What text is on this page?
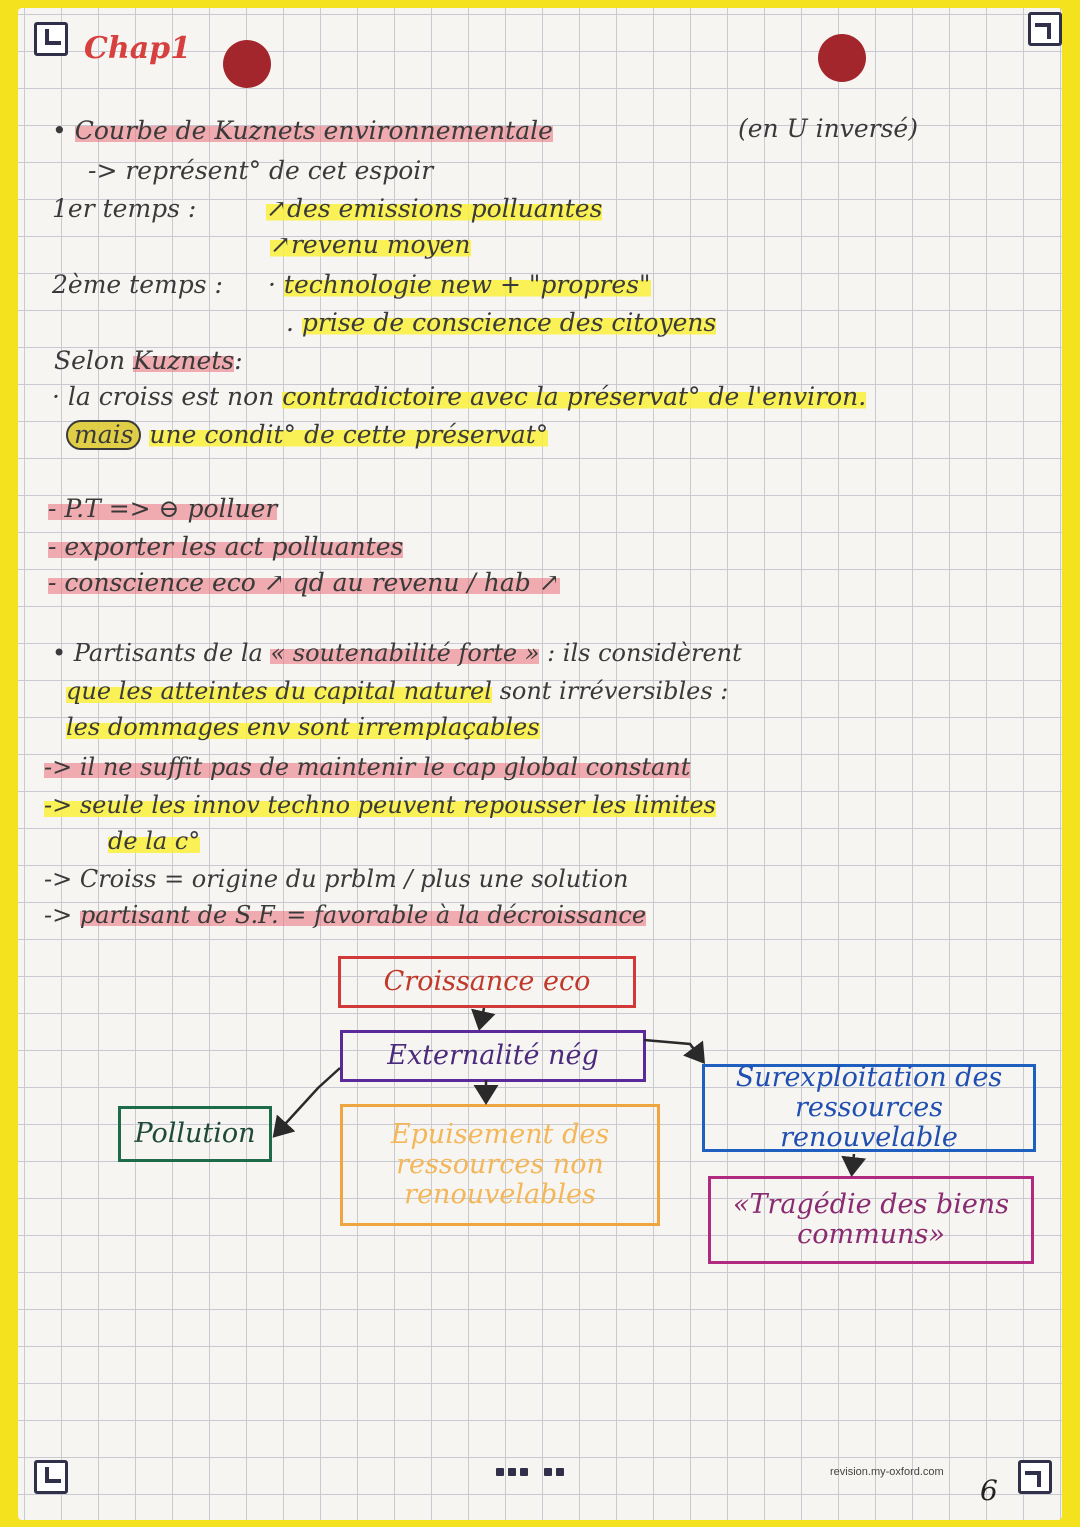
Chap1
• Courbe de Kuznets environnementale	(en U inversé)
-> représent° de cet espoir
1er temps :	↗des emissions polluantes
↗revenu moyen
2ème temps : · technologie new + "propres"
. prise de conscience des citoyens
Selon Kuznets:
· la croiss est non contradictoire avec la préservat° de l'environ.
mais une condit° de cette préservat°
- P.T => ⊖ polluer
- exporter les act polluantes
- conscience eco ↗ qd au revenu / hab ↗
• Partisants de la « soutenabilité forte » : ils considèrent
que les atteintes du capital naturel sont irréversibles :
les dommages env sont irremplaçables
-> il ne suffit pas de maintenir le cap global constant
-> seule les innov techno peuvent repousser les limites
de la c°
-> Croiss = origine du prblm / plus une solution
-> partisant de S.F. = favorable à la décroissance
Croissance eco
Externalité nég
Pollution	Epuisement des ressources non renouvelables
Surexploitation des ressources renouvelable
«Tragédie des biens communs»
revision.my-oxford.com
6
